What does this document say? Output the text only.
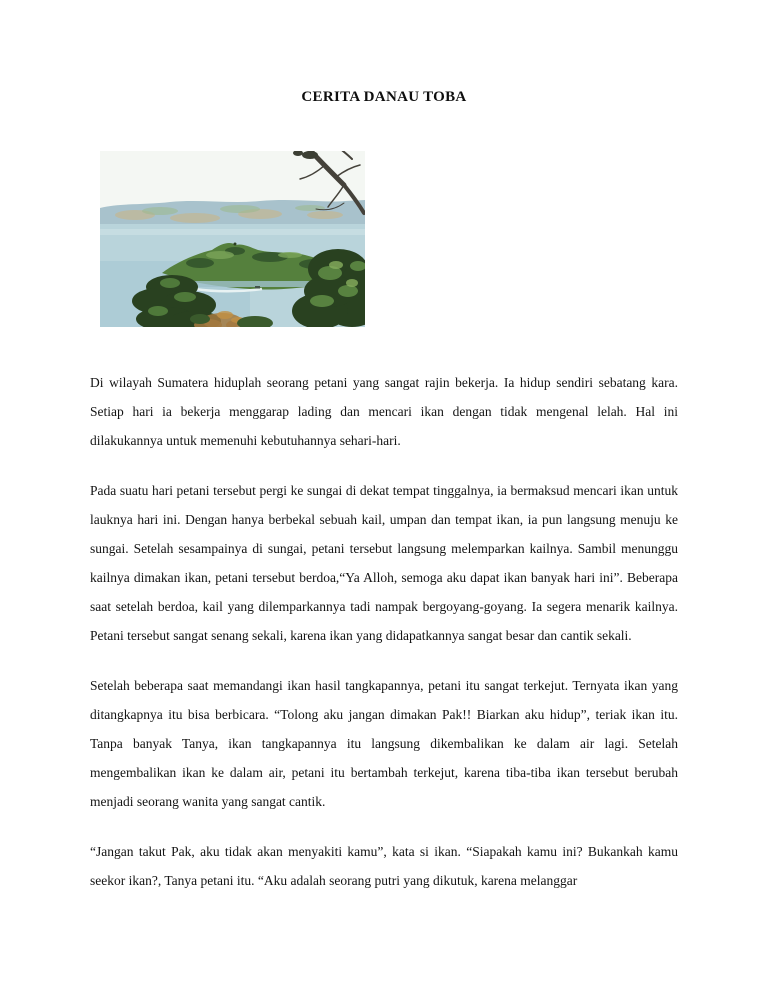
CERITA DANAU TOBA

Di wilayah Sumatera hiduplah seorang petani yang sangat rajin bekerja. Ia hidup sendiri sebatang kara. Setiap hari ia bekerja menggarap lading dan mencari ikan dengan tidak mengenal lelah. Hal ini dilakukannya untuk memenuhi kebutuhannya sehari-hari.

Pada suatu hari petani tersebut pergi ke sungai di dekat tempat tinggalnya, ia bermaksud mencari ikan untuk lauknya hari ini. Dengan hanya berbekal sebuah kail, umpan dan tempat ikan, ia pun langsung menuju ke sungai. Setelah sesampainya di sungai, petani tersebut langsung melemparkan kailnya. Sambil menunggu kailnya dimakan ikan, petani tersebut berdoa,“Ya Alloh, semoga aku dapat ikan banyak hari ini”. Beberapa saat setelah berdoa, kail yang dilemparkannya tadi nampak bergoyang-goyang. Ia segera menarik kailnya. Petani tersebut sangat senang sekali, karena ikan yang didapatkannya sangat besar dan cantik sekali.

Setelah beberapa saat memandangi ikan hasil tangkapannya, petani itu sangat terkejut. Ternyata ikan yang ditangkapnya itu bisa berbicara. “Tolong aku jangan dimakan Pak!! Biarkan aku hidup”, teriak ikan itu. Tanpa banyak Tanya, ikan tangkapannya itu langsung dikembalikan ke dalam air lagi. Setelah mengembalikan ikan ke dalam air, petani itu bertambah terkejut, karena tiba-tiba ikan tersebut berubah menjadi seorang wanita yang sangat cantik.

“Jangan takut Pak, aku tidak akan menyakiti kamu”, kata si ikan. “Siapakah kamu ini? Bukankah kamu seekor ikan?, Tanya petani itu. “Aku adalah seorang putri yang dikutuk, karena melanggar
